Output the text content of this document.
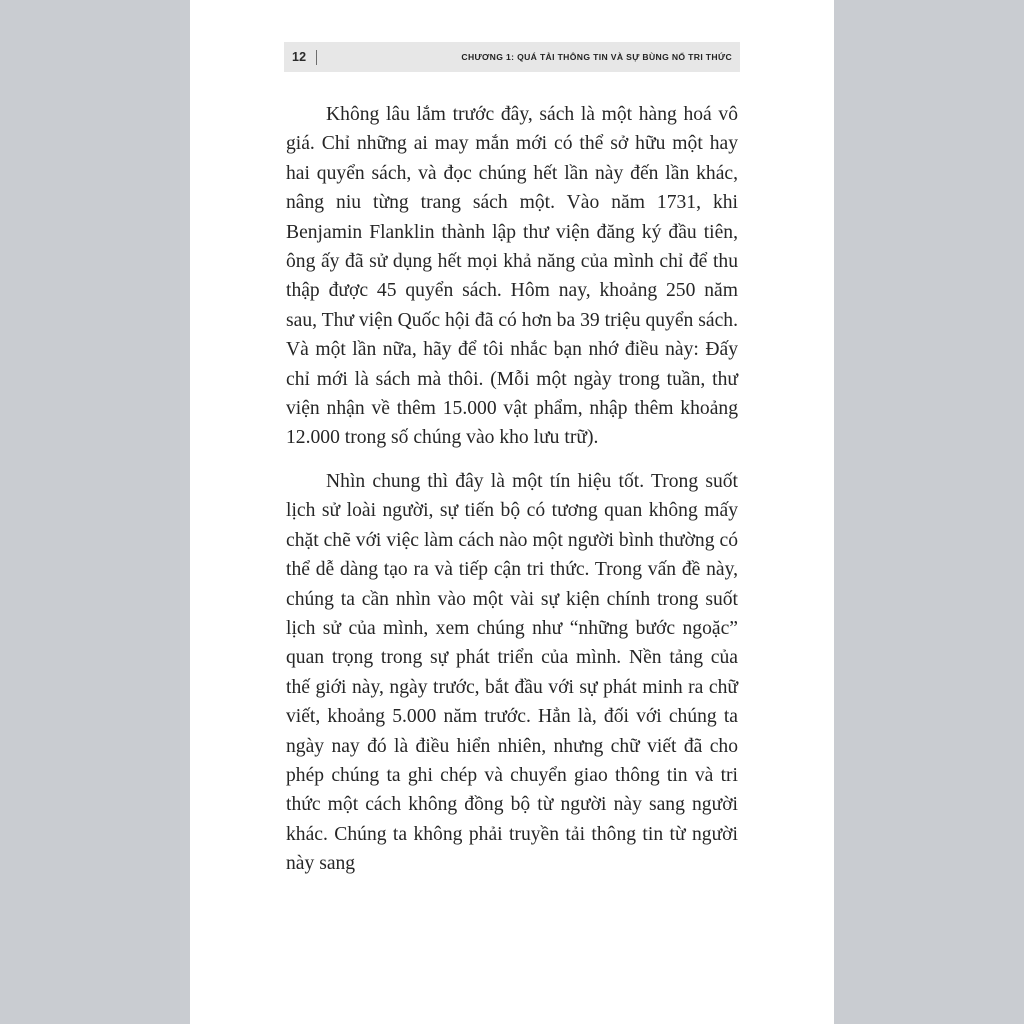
12	CHƯƠNG 1: QUÁ TẢI THÔNG TIN VÀ SỰ BÙNG NỔ TRI THỨC

Không lâu lắm trước đây, sách là một hàng hoá vô giá. Chỉ những ai may mắn mới có thể sở hữu một hay hai quyển sách, và đọc chúng hết lần này đến lần khác, nâng niu từng trang sách một. Vào năm 1731, khi Benjamin Flanklin thành lập thư viện đăng ký đầu tiên, ông ấy đã sử dụng hết mọi khả năng của mình chỉ để thu thập được 45 quyển sách. Hôm nay, khoảng 250 năm sau, Thư viện Quốc hội đã có hơn ba 39 triệu quyển sách. Và một lần nữa, hãy để tôi nhắc bạn nhớ điều này: Đấy chỉ mới là sách mà thôi. (Mỗi một ngày trong tuần, thư viện nhận về thêm 15.000 vật phẩm, nhập thêm khoảng 12.000 trong số chúng vào kho lưu trữ).

Nhìn chung thì đây là một tín hiệu tốt. Trong suốt lịch sử loài người, sự tiến bộ có tương quan không mấy chặt chẽ với việc làm cách nào một người bình thường có thể dễ dàng tạo ra và tiếp cận tri thức. Trong vấn đề này, chúng ta cần nhìn vào một vài sự kiện chính trong suốt lịch sử của mình, xem chúng như “những bước ngoặc” quan trọng trong sự phát triển của mình. Nền tảng của thế giới này, ngày trước, bắt đầu với sự phát minh ra chữ viết, khoảng 5.000 năm trước. Hẳn là, đối với chúng ta ngày nay đó là điều hiển nhiên, nhưng chữ viết đã cho phép chúng ta ghi chép và chuyển giao thông tin và tri thức một cách không đồng bộ từ người này sang người khác. Chúng ta không phải truyền tải thông tin từ người này sang
